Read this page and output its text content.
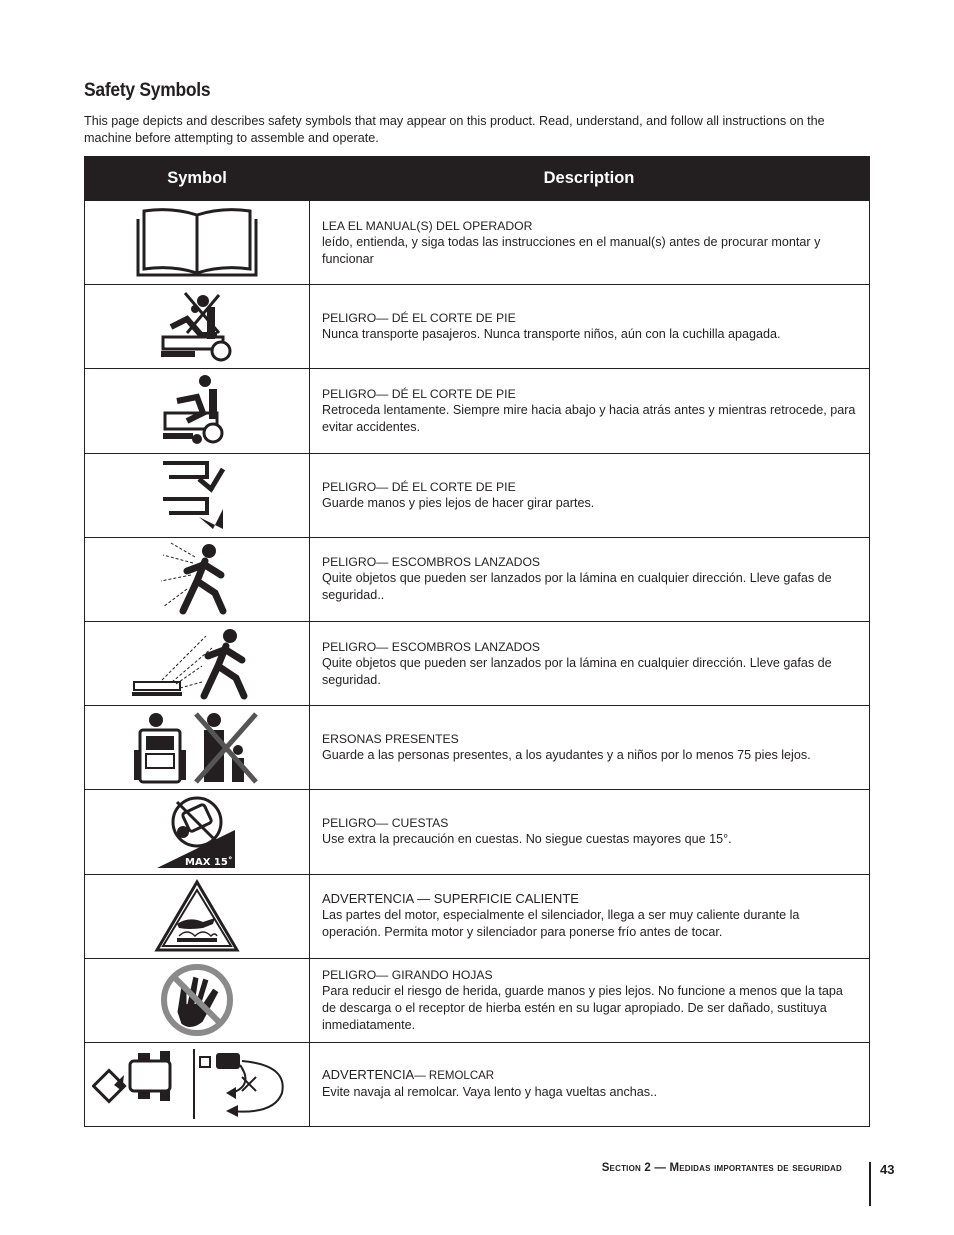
Safety Symbols

This page depicts and describes safety symbols that may appear on this product. Read, understand, and follow all instructions on the machine before attempting to assemble and operate.

Symbol	Description
LEA EL MANUAL(S) DEL OPERADOR
leído, entienda, y siga todas las instrucciones en el manual(s) antes de procurar montar y funcionar
PELIGRO— DÉ EL CORTE DE PIE
Nunca transporte pasajeros. Nunca transporte niños, aún con la cuchilla apagada.
PELIGRO— DÉ EL CORTE DE PIE
Retroceda lentamente. Siempre mire hacia abajo y hacia atrás antes y mientras retrocede, para evitar accidentes.
PELIGRO— DÉ EL CORTE DE PIE
Guarde manos y pies lejos de hacer girar partes.
PELIGRO— ESCOMBROS LANZADOS
Quite objetos que pueden ser lanzados por la lámina en cualquier dirección. Lleve gafas de seguridad..
PELIGRO— ESCOMBROS LANZADOS
Quite objetos que pueden ser lanzados por la lámina en cualquier dirección. Lleve gafas de seguridad.
ERSONAS PRESENTES
Guarde a las personas presentes, a los ayudantes y a niños por lo menos 75 pies lejos.
MAX 15˚
PELIGRO— CUESTAS
Use extra la precaución en cuestas. No siegue cuestas mayores que 15°.
ADVERTENCIA — SUPERFICIE CALIENTE
Las partes del motor, especialmente el silenciador, llega a ser muy caliente durante la operación. Permita motor y silenciador para ponerse frío antes de tocar.
PELIGRO— GIRANDO HOJAS
Para reducir el riesgo de herida, guarde manos y pies lejos. No funcione a menos que la tapa de descarga o el receptor de hierba estén en su lugar apropiado. De ser dañado, sustituya inmediatamente.
ADVERTENCIA— REMOLCAR
Evite navaja al remolcar. Vaya lento y haga vueltas anchas..
Section 2 — Medidas importantes de seguridad	43
